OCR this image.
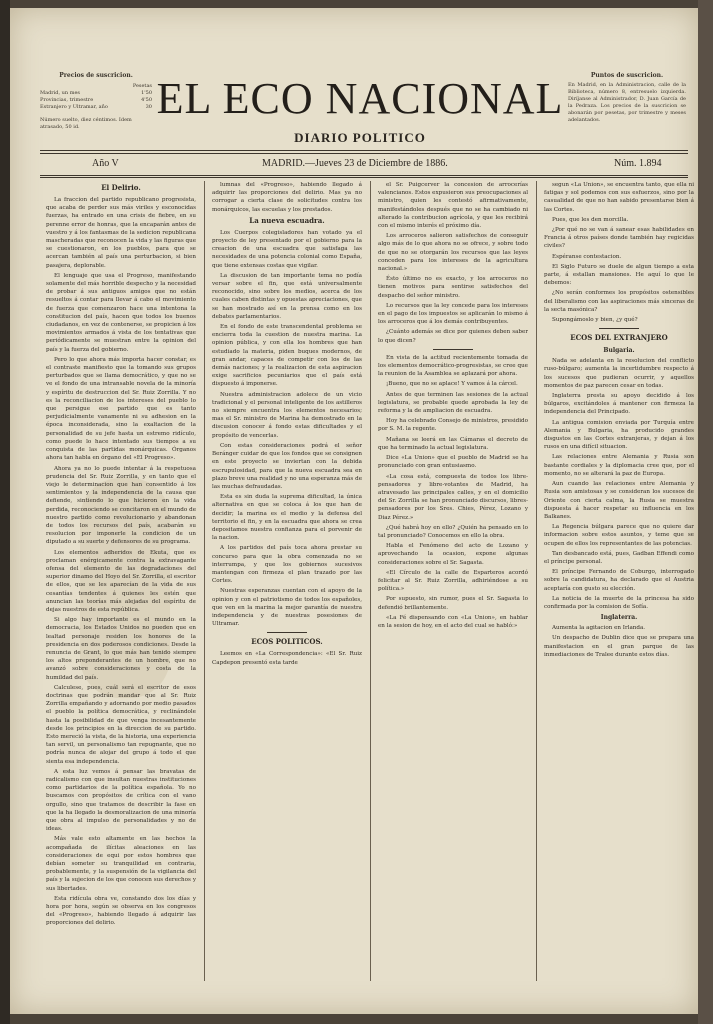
Precios de suscricion.
Pesetas
Madrid, un mes	1'50
Provincias, trimestre	4'50
Estranjero y Ultramar, año	30
Número suelto, diez céntimos. Idem atrasado, 50 id.
EL ECO NACIONAL
DIARIO POLITICO
Puntos de suscricion.
En Madrid, en la Administracion, calle de la Biblioteca, número 8, entresuelo izquierda. Diríjanse al Administrador, D. Juan García de la Pedraza. Los precios de la suscricion se abonarán por pesetas, por trimestre y meses adelantados.
Año V	MADRID.—Jueves 23 de Diciembre de 1886.	Núm. 1.894
El Delirio.

La fraccion del partido republicano progresista, que acaba de perder sus más viriles y esconocidas fuerzas, ha entrado en una crisis de fiebre, en su perenne error de honras, que la encaparán antes de vuestro y á los fantasmas de la sedicion republicana mascheradas que reconocen la vida y las figuras que se cuestionaron, en los pueblos, para que se acercan también al país una perturbacion, si bien pasajera, deplorable.

El lenguaje que usa el Progreso, manifestando solamente del más horrible despecho y la necesidad de probar á sus antiguos amigos que no están resueltos á contar para llevar á cabo el movimiento de fuerza que comenzaron hace una intentona la constitucion del país, hacen que todos los buenos ciudadanos, en vez de contenerse, se propicien á los movimientos armados á vista de los tentativas que periódicamente se muestran entre la opinion del país y la fuerza del gobierno.

Pero lo que ahora más importa hacer constar, es el contraste manifiesto que la tomando sus grupos perturbados que se llama democrático, y que no se ve el fondo de una intransable novela de la minoría y espíritu de destruccion del Sr. Ruiz Zorrilla. Y no es la reconciliacion de los intereses del pueblo lo que persigue ese partido que es tanto perjudicialmente vanamente ni su adhesion en la época inconsiderada, sino la exaltacion de la personalidad de su jefe hasta un estremo ridículo, como puede lo hace intentado sus tiempos a su conquista de las partidas monárquicas. Órganos ahora tan habla en órgano del «El Progreso».

Ahora ya no lo puede intentar á la respetuosa prudencia del Sr. Ruiz Zorrilla, y en tanto que el viejo le determinacion que han consentido á los sentimientos y la independencia de la causa que defiende, sintiendo lo que hicieron en la vida perdida, reconociendo se concitaron en el mundo de nuestro partido como revolucionario y abandonan de todos los recursos del país, acabarán su resolucion por imponerle la condicion de un diputado a su suerte y defensores de su programa.

Los elementos adheridos de Ekuta, que es proclaman enérgicamente contra la extravagante ofensa del elemento de las degradaciones del superior dinamo del Hoyo del Sr. Zorrilla, el escritor de ellos, que se les aparecían de la vida de sus cesantías tendentes á quienes les estén que anuncian las teorías más alejadas del espíritu de dejas nuestros de esta república.

Si algo hay importante es el mundo en la democracia, los Estados Unidos no pueden que en lealtad personaje residen los honores de la presidencia en dos poderosos condiciones. Desde la renuncia de Grant, lo que más han tenido siempre los altos preponderantes de un hombre, que no avanzó sobre consideraciones y costa de la humildad del país.

Calculese, pues, cuál será el escritor de esos doctrinas que podrán mandar que al Sr. Ruiz Zorrilla empañando y adornando por medio pasados el pueblo la política democrática, y reclinándole hasta la posibilidad de que venga incesantemente desde los principios en la direccion de su partido. Esto mereció la vista, de la historia, una experiencia tan servil, un personalismo tan repugnante, que no podría nunca de alojar del grupo á todo el que sienta esa independencia.

A esta luz vemos á pensar las bravatas de radicalismo con que insultan nuestras instituciones como partidarios de la política española. Yo no buscamos con propósitos de crítica con el vano orgullo, sino que tratamos de describir la fase en que la ha llegado la desmoralizacion de una minoría que obra al impulso de personalidades y no de ideas.

Más vale esto altamente en las hechos la acompañada de ilícitas aleaciones en las consideraciones de equi por estos hombres que debían someter su tranquilidad en contraria, probablemente, y la suspensión de la vigilancia del país y la sujecion de los que conocen sus derechos y sus libertades.

Esta ridícula obra ve, constando dos los días y hora por hora, según se observa en los congresos del «Progreso», habiendo llegado á adquirir las proporciones del delirio.

lumnas del «Progreso», habiendo llegado á adquirir las proporciones del delirio. Mas ya no corrogar a cierta clase de solicitudes contra los monárquicos, las escuelas y los prestados.

La nueva escuadra.

Los Cuerpos colegisladores han votado ya el proyecto de ley presentado por el gobierno para la creacion de una escuadra que satisfaga las necesidades de una potencia colonial como España, que tiene extensas costas que vigilar.

La discusion de tan importante tema no podía versar sobre el fin, que está universalmente reconocido, sino sobre los medios, acerca de los cuales caben distintas y opuestas apreciaciones, que se han mostrado así en la prensa como en los debates parlamentarios.

En el fondo de este transcendental problema se encierra toda la cuestion de nuestra marina. La opinion pública, y con ella los hombres que han estudiado la materia, piden buques modernos, de gran andar, capaces de competir con los de las demás naciones; y la realizacion de esta aspiracion exige sacrificios pecuniarios que el país está dispuesto á imponerse.

Nuestra administracion adolece de un vicio tradicional y el personal inteligente de los astilleros no siempre encuentra los elementos necesarios; mas el Sr. ministro de Marina ha demostrado en la discusion conocer á fondo estas dificultades y el propósito de vencerlas.

Con estas consideraciones podrá el señor Beránger cuidar de que los fondos que se consignen en este proyecto se inviertan con la debida escrupulosidad, para que la nueva escuadra sea en plazo breve una realidad y no una esperanza más de las muchas defraudadas.

Esta es sin duda la suprema dificultad, la única alternativa en que se coloca á los que han de decidir; la marina es el medio y la defensa del territorio el fin, y en la escuadra que ahora se crea depositamos nuestra confianza para el porvenir de la nacion.

A los partidos del país toca ahora prestar su concurso para que la obra comenzada no se interrumpa, y que los gobiernos sucesivos mantengan con firmeza el plan trazado por las Cortes.

Nuestras esperanzas cuentan con el apoyo de la opinion y con el patriotismo de todos los españoles, que ven en la marina la mejor garantía de nuestra independencia y de nuestras posesiones de Ultramar.

ECOS POLITICOS.

Leemos en «La Correspondencia»: «El Sr. Ruiz Capdepon presentó esta tarde

el Sr. Puigcerver la concesion de arrocerías valencianos. Estos expusieron sus preocupaciones al ministro, quien les contestó afirmativamente, manifestándoles después que no se ha cambiado ni alterado la contribucion agrícola, y que les recibirá con el mismo interés el próximo día.

Los arroceros salieron satisfechos de conseguir algo más de lo que ahora no se ofrece, y sobre todo de que no se otorgarán los recursos que las leyes conceden para los intereses de la agricultura nacional.»

Ésto último no es exacto, y los arroceros no tienen motivos para sentirse satisfechos del despacho del señor ministro.

Lo recursos que la ley concede para los intereses en el pago de los impuestos se aplicarán lo mismo á los arroceros que á los demás contribuyentes.

¿Cuánto además se dice por quienes deben saber lo que dicen?

En vista de la actitud recientemente tomada de los elementos democrático-progresistas, se cree que la reunion de la Asamblea se aplazará por ahora.

¡Bueno, que no se aplace! Y vamos á la cárcel.

Antes de que terminen las sesiones de la actual legislatura, se probable quede aprobada la ley de reforma y la de ampliacion de escuadra.

Hoy ha celebrado Consejo de ministros, presidido por S. M. la regente.

Mañana se leerá en las Cámaras el decreto de que ha terminado la actual legislatura.

Dice «La Union» que el pueblo de Madrid se ha pronunciado con gran entusiasmo.

«La cosa está, compuesta de todos los libre-pensadores y libre-votantes de Madrid, ha atravesado las principales calles, y en el domicilio del Sr. Zorrilla se han pronunciado discursos, libres-pensadores por los Sres. Chies, Pérez, Lozano y Diaz Pérez.»

¿Qué habrá hoy en ello? ¿Quién ha pensado en lo tal pronunciado? Conocemos en ello la obra.

Habla el Fenómeno del acto de Lozano y aprovechando la ocasion, expone algunas consideraciones sobre el Sr. Sagasta.

«El Círculo de la calle de Esparteros acordó felicitar al Sr. Ruiz Zorrilla, adhiriéndose a su política.»

Por supuesto, sin rumor, pues el Sr. Sagasta lo defendió brillantemente.

«La Fé dispensando con «La Union», en hablar en la sesion de hoy, en el acto del cual se habló:»

segun «La Union», se encuentra tanto, que ella ni fatigas y sol podemos con sus esfuerzos, sino por la casualidad de que no han sabido presentarse bien á las Cortes.

Pues, que les den morcilla.

¿Por qué no se van á sanear esas habilidades en Francia á otros países donde también hay regicidas civiles?

Espéranse contestacion.

El Siglo Futuro se duele de algun tiempo a esta parte, á estallan mansiones. He aquí lo que le debemos:

¿No serán conformes los propósitos ostensibles del liberalismo con las aspiraciones más sinceras de la secta masónica?

Supongámoslo y bien, ¿y qué?

ECOS DEL EXTRANJERO
Bulgaria.

Nada se adelanta en la resolucion del conflicto ruso-búlgaro; aumenta la incertidumbre respecto á los sucesos que pudieran ocurrir, y aquellos momentos de paz parecen cesar en todas.

Inglaterra presta su apoyo decidido á los búlgaros, excitándoles á mantener con firmeza la independencia del Principado.

La antigua comision enviada por Turquía entre Alemania y Bulgaria, ha producido grandes disgustos en las Cortes extranjeras, y dejan á los rusos en una difícil situacion.

Las relaciones entre Alemania y Rusia son bastante cordiales y la diplomacia cree que, por el momento, no se alterará la paz de Europa.

Aun cuando las relaciones entre Alemania y Rusia son amistosas y se consideran los sucesos de Oriente con cierta calma, la Rusia se muestra dispuesta á hacer respetar su influencia en los Balkanes.

La Regencia búlgara parece que no quiere dar informacion sobre estos asuntos, y teme que se ocupen de ellos los representantes de las potencias.

Tan desbancado está, pues, Gadban Effendi como el príncipe personal.

El príncipe Fernando de Coburgo, interrogado sobre la candidatura, ha declarado que el Austria aceptaría con gusto su elección.

La noticia de la muerte de la princesa ha sido confirmada por la comision de Sofía.

Inglaterra.

Aumenta la agitacion en Irlanda.

Un despacho de Dublin dice que se prepara una manifestacion en el gran parque de las inmediaciones de Tralee durante estos días.
